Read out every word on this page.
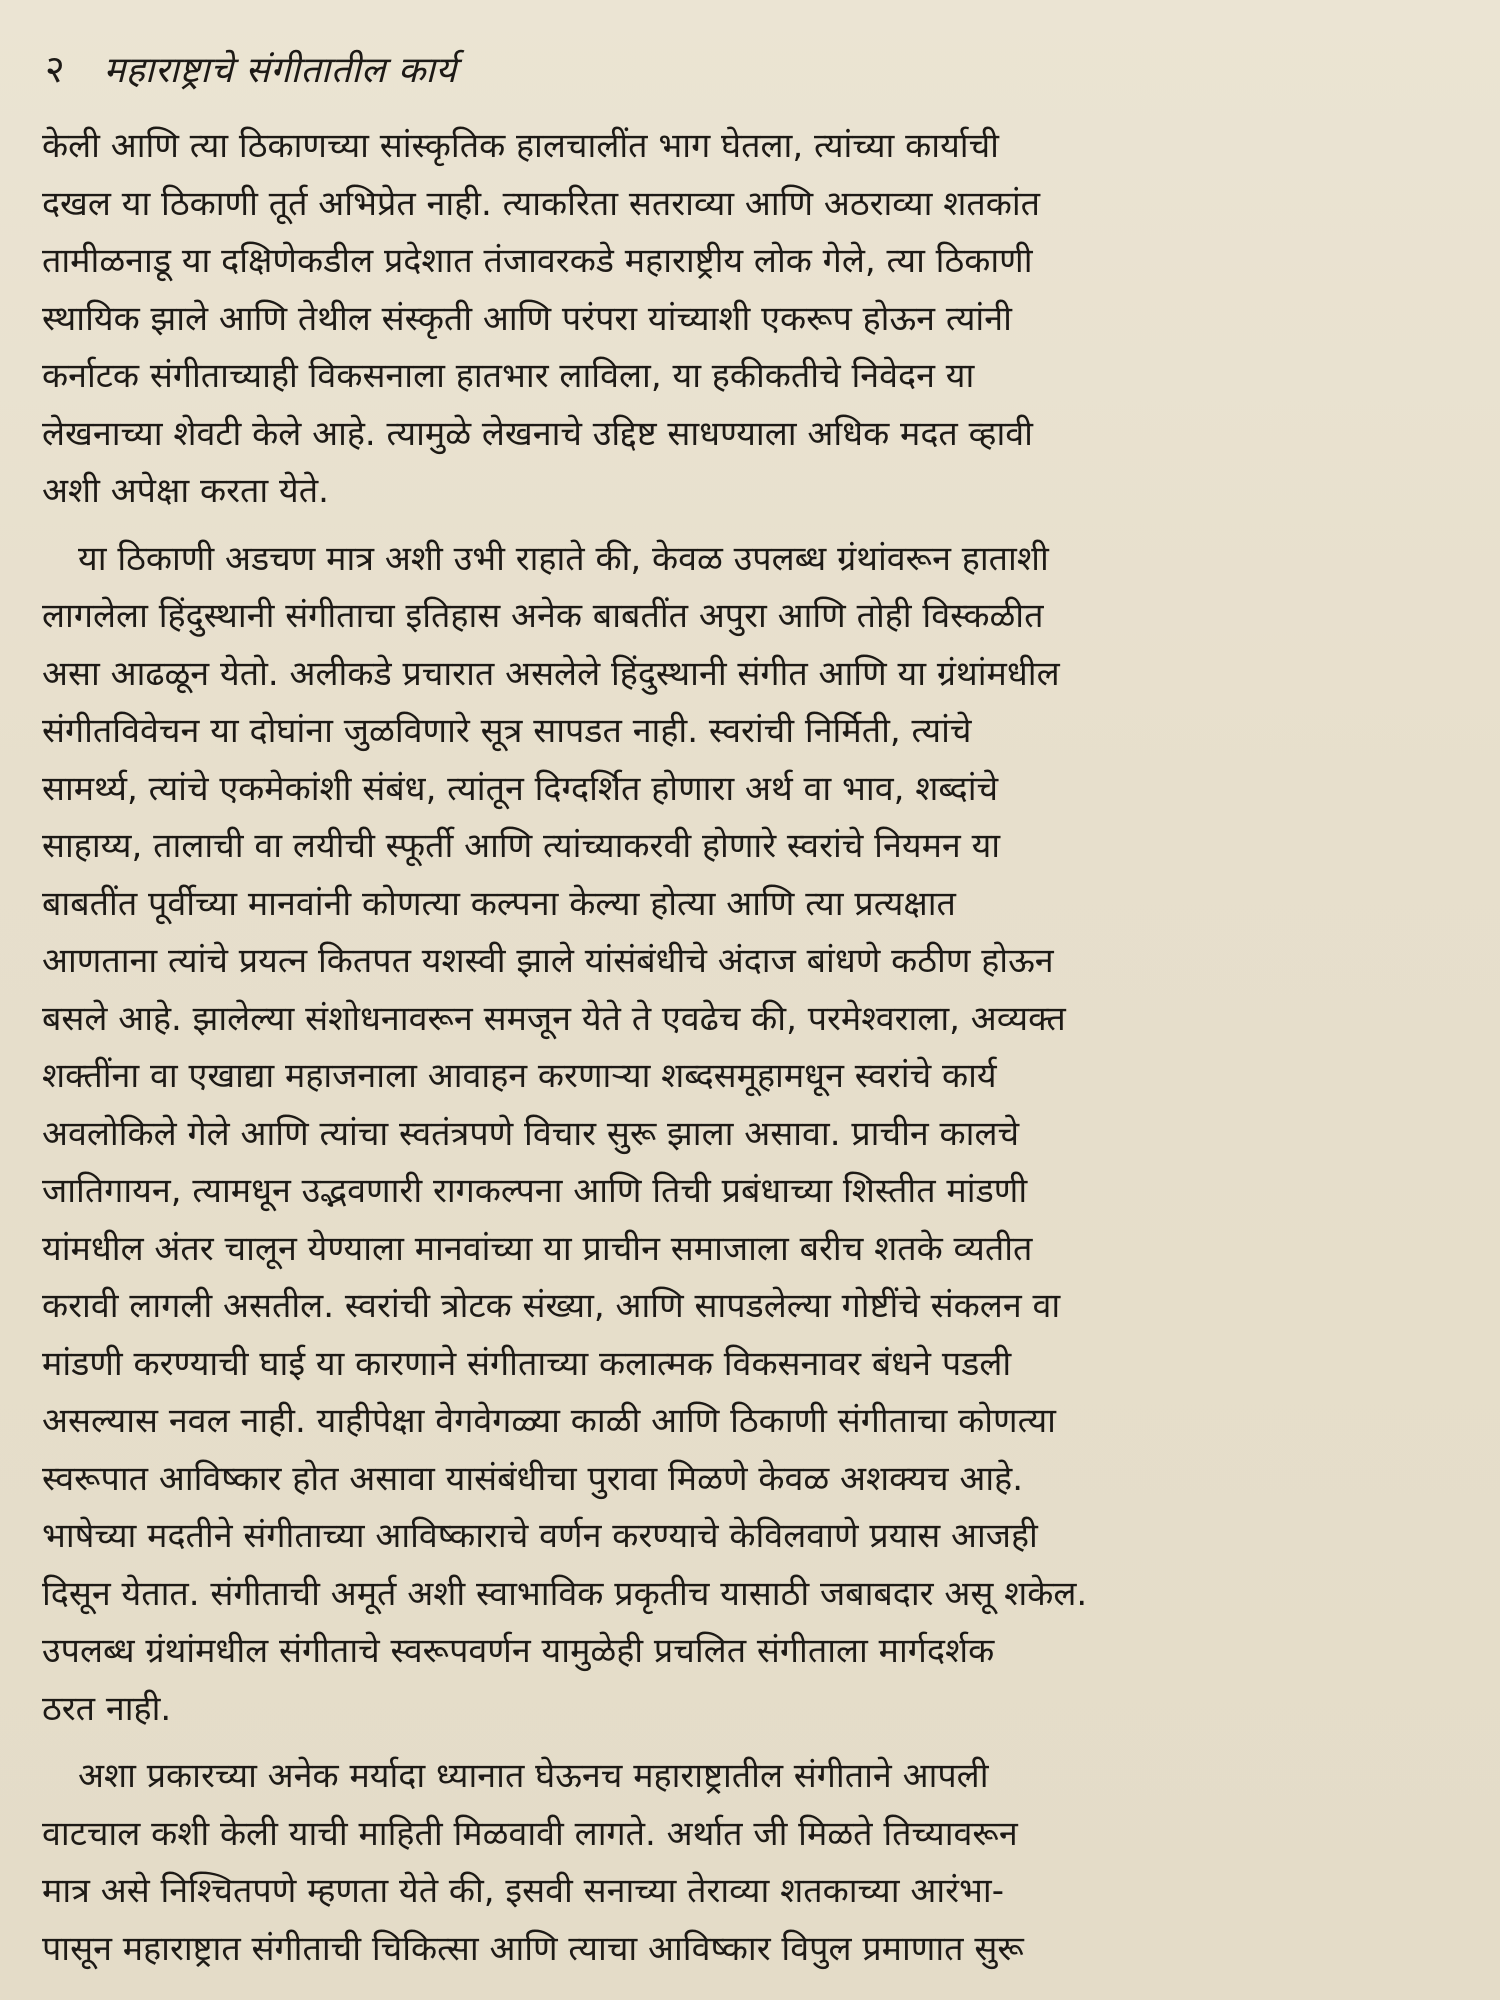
२ महाराष्ट्राचे संगीतातील कार्य
केली आणि त्या ठिकाणच्या सांस्कृतिक हालचालींत भाग घेतला, त्यांच्या कार्याची
दखल या ठिकाणी तूर्त अभिप्रेत नाही. त्याकरिता सतराव्या आणि अठराव्या शतकांत
तामीळनाडू या दक्षिणेकडील प्रदेशात तंजावरकडे महाराष्ट्रीय लोक गेले, त्या ठिकाणी
स्थायिक झाले आणि तेथील संस्कृती आणि परंपरा यांच्याशी एकरूप होऊन त्यांनी
कर्नाटक संगीताच्याही विकसनाला हातभार लाविला, या हकीकतीचे निवेदन या
लेखनाच्या शेवटी केले आहे. त्यामुळे लेखनाचे उद्दिष्ट साधण्याला अधिक मदत व्हावी
अशी अपेक्षा करता येते.
या ठिकाणी अडचण मात्र अशी उभी राहाते की, केवळ उपलब्ध ग्रंथांवरून हाताशी
लागलेला हिंदुस्थानी संगीताचा इतिहास अनेक बाबतींत अपुरा आणि तोही विस्कळीत
असा आढळून येतो. अलीकडे प्रचारात असलेले हिंदुस्थानी संगीत आणि या ग्रंथांमधील
संगीतविवेचन या दोघांना जुळविणारे सूत्र सापडत नाही. स्वरांची निर्मिती, त्यांचे
सामर्थ्य, त्यांचे एकमेकांशी संबंध, त्यांतून दिग्दर्शित होणारा अर्थ वा भाव, शब्दांचे
साहाय्य, तालाची वा लयीची स्फूर्ती आणि त्यांच्याकरवी होणारे स्वरांचे नियमन या
बाबतींत पूर्वीच्या मानवांनी कोणत्या कल्पना केल्या होत्या आणि त्या प्रत्यक्षात
आणताना त्यांचे प्रयत्न कितपत यशस्वी झाले यांसंबंधीचे अंदाज बांधणे कठीण होऊन
बसले आहे. झालेल्या संशोधनावरून समजून येते ते एवढेच की, परमेश्वराला, अव्यक्त
शक्तींना वा एखाद्या महाजनाला आवाहन करणाऱ्या शब्दसमूहामधून स्वरांचे कार्य
अवलोकिले गेले आणि त्यांचा स्वतंत्रपणे विचार सुरू झाला असावा. प्राचीन कालचे
जातिगायन, त्यामधून उद्भवणारी रागकल्पना आणि तिची प्रबंधाच्या शिस्तीत मांडणी
यांमधील अंतर चालून येण्याला मानवांच्या या प्राचीन समाजाला बरीच शतके व्यतीत
करावी लागली असतील. स्वरांची त्रोटक संख्या, आणि सापडलेल्या गोष्टींचे संकलन वा
मांडणी करण्याची घाई या कारणाने संगीताच्या कलात्मक विकसनावर बंधने पडली
असल्यास नवल नाही. याहीपेक्षा वेगवेगळ्या काळी आणि ठिकाणी संगीताचा कोणत्या
स्वरूपात आविष्कार होत असावा यासंबंधीचा पुरावा मिळणे केवळ अशक्यच आहे.
भाषेच्या मदतीने संगीताच्या आविष्काराचे वर्णन करण्याचे केविलवाणे प्रयास आजही
दिसून येतात. संगीताची अमूर्त अशी स्वाभाविक प्रकृतीच यासाठी जबाबदार असू शकेल.
उपलब्ध ग्रंथांमधील संगीताचे स्वरूपवर्णन यामुळेही प्रचलित संगीताला मार्गदर्शक
ठरत नाही.
अशा प्रकारच्या अनेक मर्यादा ध्यानात घेऊनच महाराष्ट्रातील संगीताने आपली
वाटचाल कशी केली याची माहिती मिळवावी लागते. अर्थात जी मिळते तिच्यावरून
मात्र असे निश्चितपणे म्हणता येते की, इसवी सनाच्या तेराव्या शतकाच्या आरंभा-
पासून महाराष्ट्रात संगीताची चिकित्सा आणि त्याचा आविष्कार विपुल प्रमाणात सुरू
